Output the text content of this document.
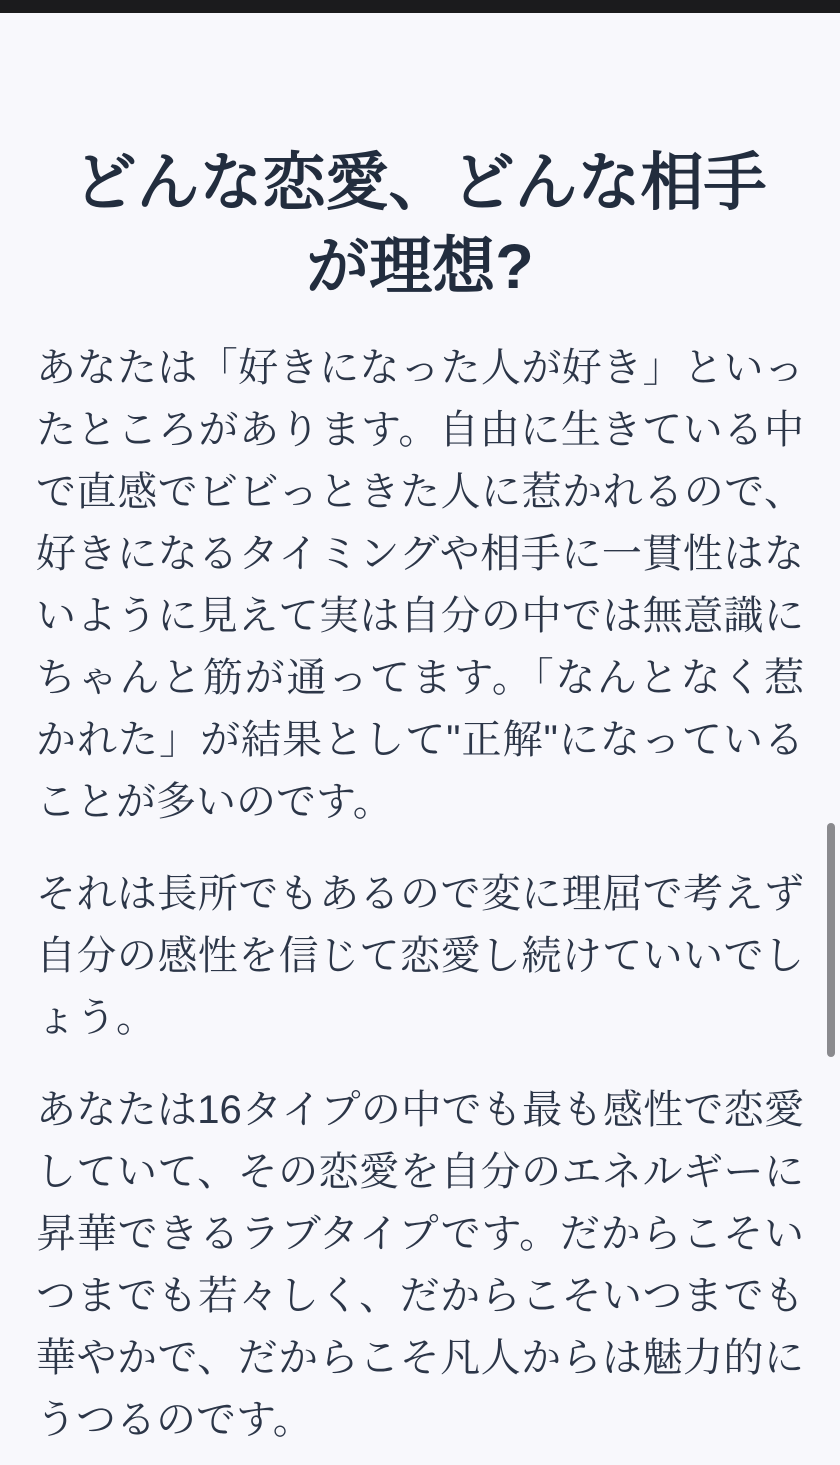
どんな恋愛、どんな相手が理想?

あなたは「好きになった人が好き」といったところがあります。自由に生きている中で直感でビビっときた人に惹かれるので、好きになるタイミングや相手に一貫性はないように見えて実は自分の中では無意識にちゃんと筋が通ってます。「なんとなく惹かれた」が結果として"正解"になっていることが多いのです。

それは長所でもあるので変に理屈で考えず自分の感性を信じて恋愛し続けていいでしょう。

あなたは16タイプの中でも最も感性で恋愛していて、その恋愛を自分のエネルギーに昇華できるラブタイプです。だからこそいつまでも若々しく、だからこそいつまでも華やかで、だからこそ凡人からは魅力的にうつるのです。
